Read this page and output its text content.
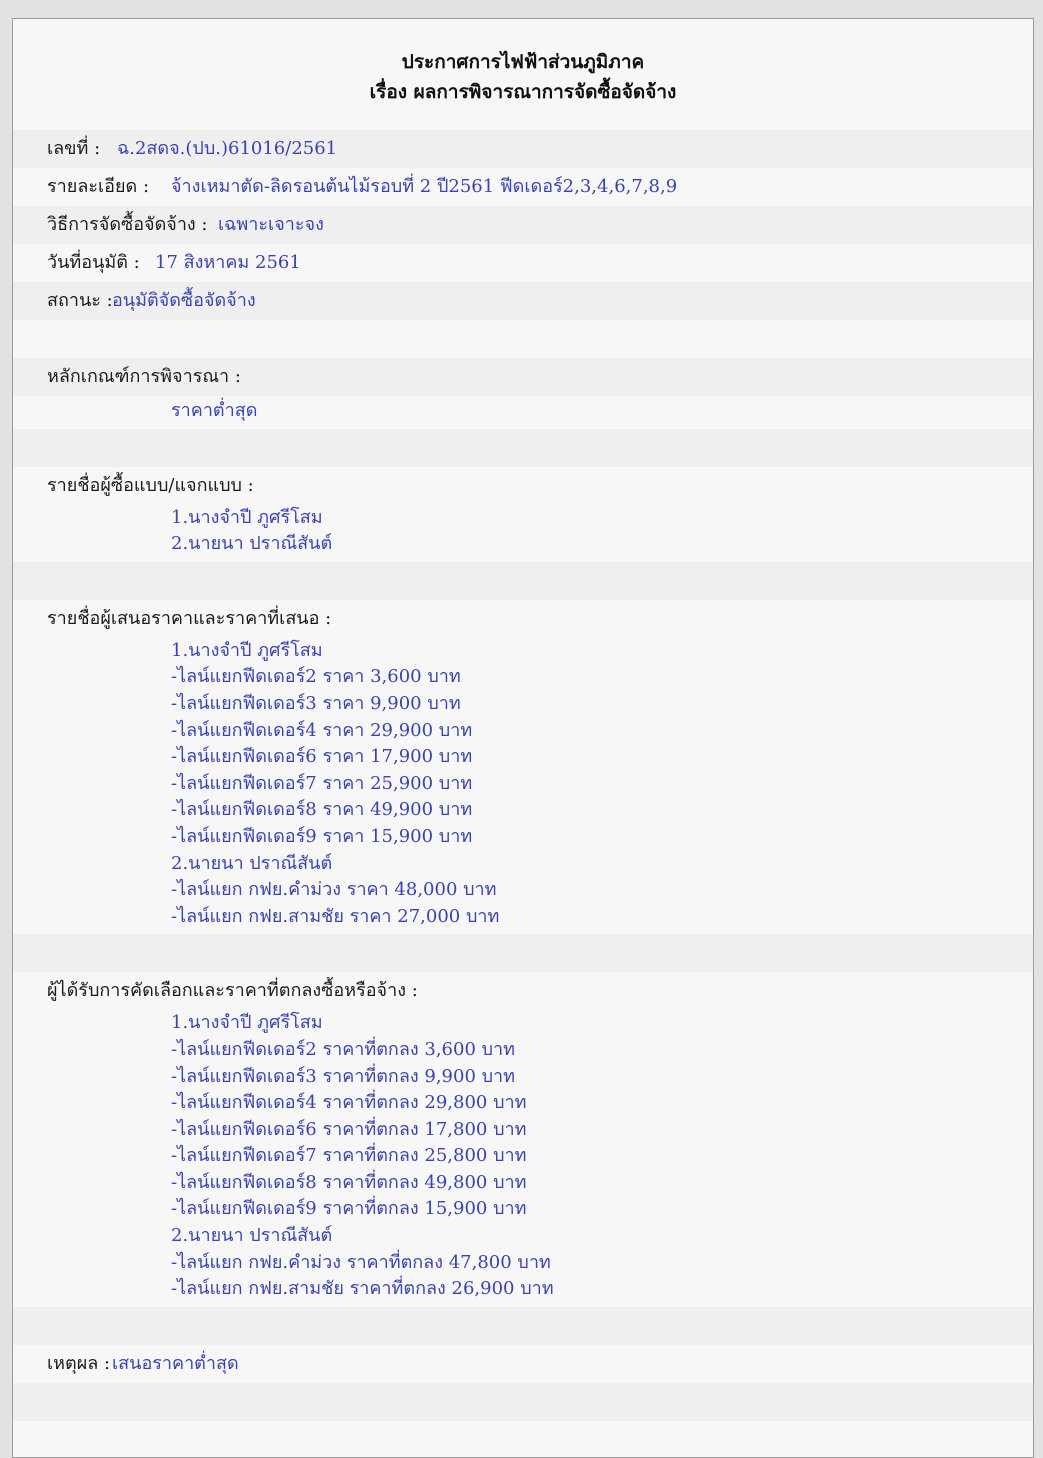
ประกาศการไฟฟ้าส่วนภูมิภาค
เรื่อง ผลการพิจารณาการจัดซื้อจัดจ้าง
เลขที่ : ฉ.2สดจ.(ปบ.)61016/2561
รายละเอียด : จ้างเหมาตัด-ลิดรอนต้นไม้รอบที่ 2 ปี2561 ฟีดเดอร์2,3,4,6,7,8,9
วิธีการจัดซื้อจัดจ้าง : เฉพาะเจาะจง
วันที่อนุมัติ : 17 สิงหาคม 2561
สถานะ : อนุมัติจัดซื้อจัดจ้าง
หลักเกณฑ์การพิจารณา :
ราคาต่ำสุด
รายชื่อผู้ซื้อแบบ/แจกแบบ :
1.นางจำปี ภูศรีโสม
2.นายนา ปราณีสันต์
รายชื่อผู้เสนอราคาและราคาที่เสนอ :
1.นางจำปี ภูศรีโสม
-ไลน์แยกฟีดเดอร์2 ราคา 3,600 บาท
-ไลน์แยกฟีดเดอร์3 ราคา 9,900 บาท
-ไลน์แยกฟีดเดอร์4 ราคา 29,900 บาท
-ไลน์แยกฟีดเดอร์6 ราคา 17,900 บาท
-ไลน์แยกฟีดเดอร์7 ราคา 25,900 บาท
-ไลน์แยกฟีดเดอร์8 ราคา 49,900 บาท
-ไลน์แยกฟีดเดอร์9 ราคา 15,900 บาท
2.นายนา ปราณีสันต์
-ไลน์แยก กฟย.คำม่วง ราคา 48,000 บาท
-ไลน์แยก กฟย.สามชัย ราคา 27,000 บาท
ผู้ได้รับการคัดเลือกและราคาที่ตกลงซื้อหรือจ้าง :
1.นางจำปี ภูศรีโสม
-ไลน์แยกฟีดเดอร์2 ราคาที่ตกลง 3,600 บาท
-ไลน์แยกฟีดเดอร์3 ราคาที่ตกลง 9,900 บาท
-ไลน์แยกฟีดเดอร์4 ราคาที่ตกลง 29,800 บาท
-ไลน์แยกฟีดเดอร์6 ราคาที่ตกลง 17,800 บาท
-ไลน์แยกฟีดเดอร์7 ราคาที่ตกลง 25,800 บาท
-ไลน์แยกฟีดเดอร์8 ราคาที่ตกลง 49,800 บาท
-ไลน์แยกฟีดเดอร์9 ราคาที่ตกลง 15,900 บาท
2.นายนา ปราณีสันต์
-ไลน์แยก กฟย.คำม่วง ราคาที่ตกลง 47,800 บาท
-ไลน์แยก กฟย.สามชัย ราคาที่ตกลง 26,900 บาท
เหตุผล : เสนอราคาต่ำสุด
